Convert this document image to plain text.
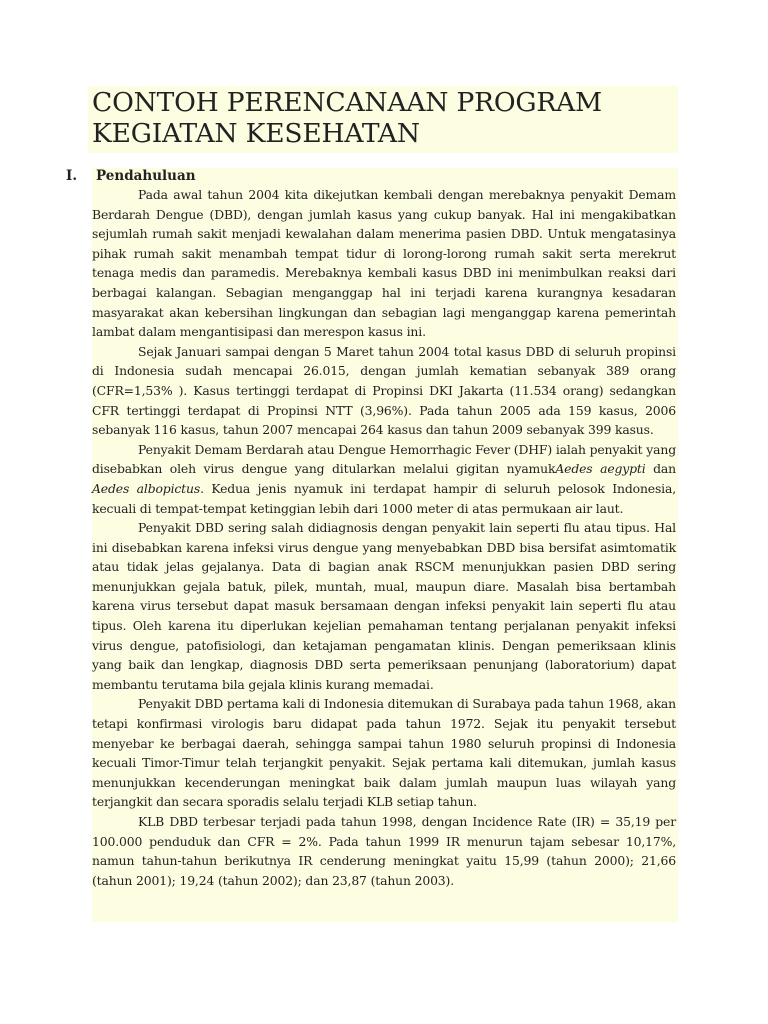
CONTOH PERENCANAAN PROGRAM
KEGIATAN KESEHATAN
I. Pendahuluan

Pada awal tahun 2004 kita dikejutkan kembali dengan merebaknya penyakit Demam Berdarah Dengue (DBD), dengan jumlah kasus yang cukup banyak. Hal ini mengakibatkan sejumlah rumah sakit menjadi kewalahan dalam menerima pasien DBD. Untuk mengatasinya pihak rumah sakit menambah tempat tidur di lorong-lorong rumah sakit serta merekrut tenaga medis dan paramedis. Merebaknya kembali kasus DBD ini menimbulkan reaksi dari berbagai kalangan. Sebagian menganggap hal ini terjadi karena kurangnya kesadaran masyarakat akan kebersihan lingkungan dan sebagian lagi menganggap karena pemerintah lambat dalam mengantisipasi dan merespon kasus ini.

Sejak Januari sampai dengan 5 Maret tahun 2004 total kasus DBD di seluruh propinsi di Indonesia sudah mencapai 26.015, dengan jumlah kematian sebanyak 389 orang (CFR=1,53% ). Kasus tertinggi terdapat di Propinsi DKI Jakarta (11.534 orang) sedangkan CFR tertinggi terdapat di Propinsi NTT (3,96%). Pada tahun 2005 ada 159 kasus, 2006 sebanyak 116 kasus, tahun 2007 mencapai 264 kasus dan tahun 2009 sebanyak 399 kasus.

Penyakit Demam Berdarah atau Dengue Hemorrhagic Fever (DHF) ialah penyakit yang disebabkan oleh virus dengue yang ditularkan melalui gigitan nyamukAedes aegypti dan Aedes albopictus. Kedua jenis nyamuk ini terdapat hampir di seluruh pelosok Indonesia, kecuali di tempat-tempat ketinggian lebih dari 1000 meter di atas permukaan air laut.

Penyakit DBD sering salah didiagnosis dengan penyakit lain seperti flu atau tipus. Hal ini disebabkan karena infeksi virus dengue yang menyebabkan DBD bisa bersifat asimtomatik atau tidak jelas gejalanya. Data di bagian anak RSCM menunjukkan pasien DBD sering menunjukkan gejala batuk, pilek, muntah, mual, maupun diare. Masalah bisa bertambah karena virus tersebut dapat masuk bersamaan dengan infeksi penyakit lain seperti flu atau tipus. Oleh karena itu diperlukan kejelian pemahaman tentang perjalanan penyakit infeksi virus dengue, patofisiologi, dan ketajaman pengamatan klinis. Dengan pemeriksaan klinis yang baik dan lengkap, diagnosis DBD serta pemeriksaan penunjang (laboratorium) dapat membantu terutama bila gejala klinis kurang memadai.

Penyakit DBD pertama kali di Indonesia ditemukan di Surabaya pada tahun 1968, akan tetapi konfirmasi virologis baru didapat pada tahun 1972. Sejak itu penyakit tersebut menyebar ke berbagai daerah, sehingga sampai tahun 1980 seluruh propinsi di Indonesia kecuali Timor-Timur telah terjangkit penyakit. Sejak pertama kali ditemukan, jumlah kasus menunjukkan kecenderungan meningkat baik dalam jumlah maupun luas wilayah yang terjangkit dan secara sporadis selalu terjadi KLB setiap tahun.

KLB DBD terbesar terjadi pada tahun 1998, dengan Incidence Rate (IR) = 35,19 per 100.000 penduduk dan CFR = 2%. Pada tahun 1999 IR menurun tajam sebesar 10,17%, namun tahun-tahun berikutnya IR cenderung meningkat yaitu 15,99 (tahun 2000); 21,66 (tahun 2001); 19,24 (tahun 2002); dan 23,87 (tahun 2003).
